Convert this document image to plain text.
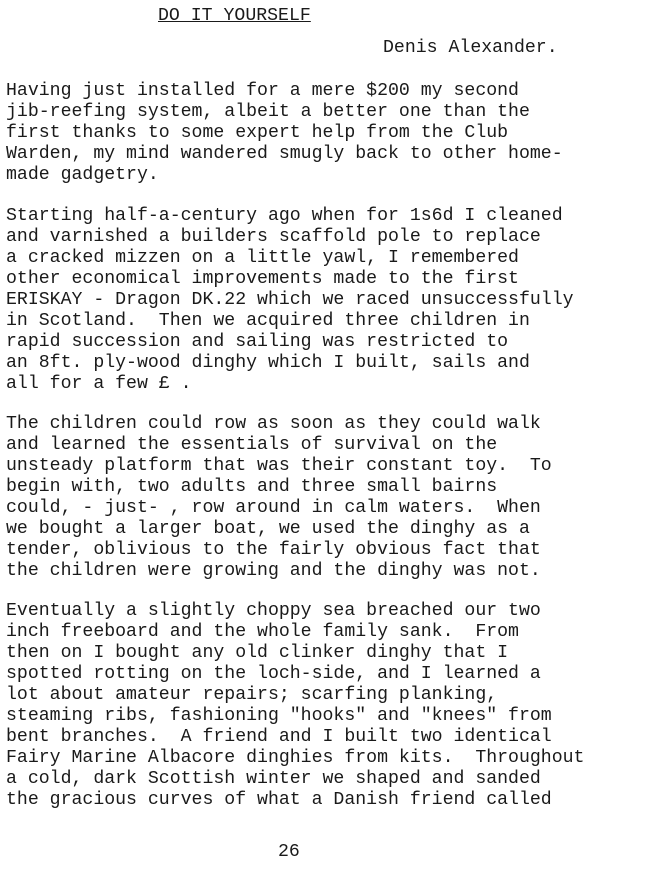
DO IT YOURSELF
Denis Alexander.
Having just installed for a mere $200 my second
jib-reefing system, albeit a better one than the
first thanks to some expert help from the Club
Warden, my mind wandered smugly back to other home-
made gadgetry.
Starting half-a-century ago when for 1s6d I cleaned
and varnished a builders scaffold pole to replace
a cracked mizzen on a little yawl, I remembered
other economical improvements made to the first
ERISKAY - Dragon DK.22 which we raced unsuccessfully
in Scotland.  Then we acquired three children in
rapid succession and sailing was restricted to
an 8ft. ply-wood dinghy which I built, sails and
all for a few £ .
The children could row as soon as they could walk
and learned the essentials of survival on the
unsteady platform that was their constant toy.  To
begin with, two adults and three small bairns
could, - just- , row around in calm waters.  When
we bought a larger boat, we used the dinghy as a
tender, oblivious to the fairly obvious fact that
the children were growing and the dinghy was not.
Eventually a slightly choppy sea breached our two
inch freeboard and the whole family sank.  From
then on I bought any old clinker dinghy that I
spotted rotting on the loch-side, and I learned a
lot about amateur repairs; scarfing planking,
steaming ribs, fashioning "hooks" and "knees" from
bent branches.  A friend and I built two identical
Fairy Marine Albacore dinghies from kits.  Throughout
a cold, dark Scottish winter we shaped and sanded
the gracious curves of what a Danish friend called
26
